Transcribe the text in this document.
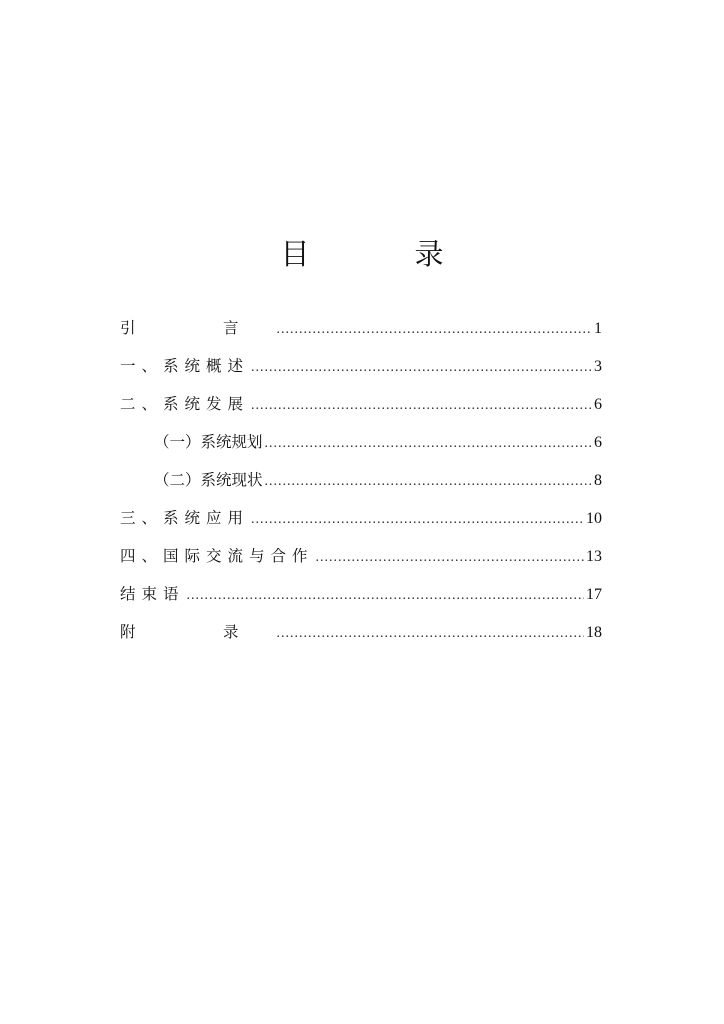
目　录
引　言 .....	1
一、系统概述 .....	3
二、系统发展 .....	6
（一）系统规划 .....	6
（二）系统现状 .....	8
三、系统应用 .....	10
四、国际交流与合作 .....	13
结束语 .....	17
附　录 .....	18
